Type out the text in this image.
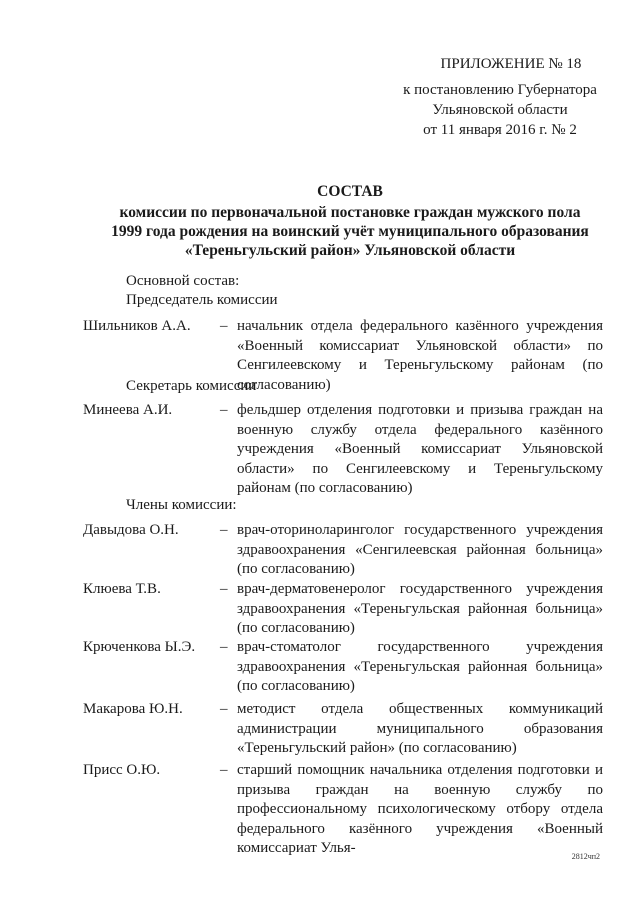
ПРИЛОЖЕНИЕ № 18
к постановлению Губернатора
Ульяновской области
от 11 января 2016 г. № 2
СОСТАВ
комиссии по первоначальной постановке граждан мужского пола
1999 года рождения на воинский учёт муниципального образования
«Тереньгульский район» Ульяновской области
Основной состав:
Председатель комиссии
Шильников А.А.	– начальник отдела федерального казённого учреждения «Военный комиссариат Ульяновской области» по Сенгилеевскому и Тереньгульскому районам (по согласованию)
Секретарь комиссии
Минеева А.И.	– фельдшер отделения подготовки и призыва граждан на военную службу отдела федерального казённого учреждения «Военный комиссариат Ульяновской области» по Сенгилеевскому и Тереньгульскому районам (по согласованию)
Члены комиссии:
Давыдова О.Н.	– врач-оториноларинголог государственного учреждения здравоохранения «Сенгилеевская районная больница» (по согласованию)
Клюева Т.В.	– врач-дерматовенеролог государственного учреждения здравоохранения «Тереньгульская районная больница» (по согласованию)
Крюченкова Ы.Э.	– врач-стоматолог государственного учреждения здравоохранения «Тереньгульская районная больница» (по согласованию)
Макарова Ю.Н.	– методист отдела общественных коммуникаций администрации муниципального образования «Тереньгульский район» (по согласованию)
Присс О.Ю.	– старший помощник начальника отделения подготовки и призыва граждан на военную службу по профессиональному психологическому отбору отдела федерального казённого учреждения «Военный комиссариат Улья-
2812чп2
